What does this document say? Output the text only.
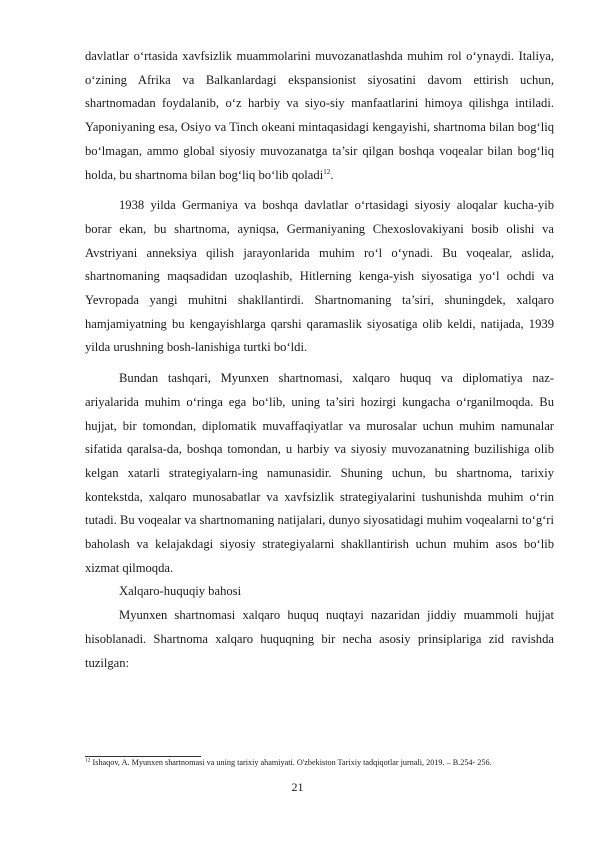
davlatlar o‘rtasida xavfsizlik muammolarini muvozanatlashda muhim rol o‘ynaydi. Italiya, o‘zining Afrika va Balkanlardagi ekspansionist siyosatini davom ettirish uchun, shartnomadan foydalanib, o‘z harbiy va siyo-siy manfaatlarini himoya qilishga intiladi. Yaponiyaning esa, Osiyo va Tinch okeani mintaqasidagi kengayishi, shartnoma bilan bog‘liq bo‘lmagan, ammo global siyosiy muvozanatga ta’sir qilgan boshqa voqealar bilan bog‘liq holda, bu shartnoma bilan bog‘liq bo‘lib qoladi$^{12}$.

1938 yilda Germaniya va boshqa davlatlar o‘rtasidagi siyosiy aloqalar kucha-yib borar ekan, bu shartnoma, ayniqsa, Germaniyaning Chexoslovakiyani bosib olishi va Avstriyani anneksiya qilish jarayonlarida muhim ro‘l o‘ynadi. Bu voqealar, aslida, shartnomaning maqsadidan uzoqlashib, Hitlerning kenga-yish siyosatiga yo‘l ochdi va Yevropada yangi muhitni shakllantirdi. Shartnomaning ta’siri, shuningdek, xalqaro hamjamiyatning bu kengayishlarga qarshi qaramaslik siyosatiga olib keldi, natijada, 1939 yilda urushning bosh-lanishiga turtki bo‘ldi.

Bundan tashqari, Myunxen shartnomasi, xalqaro huquq va diplomatiya naz-ariyalarida muhim o‘ringa ega bo‘lib, uning ta’siri hozirgi kungacha o‘rganilmoqda. Bu hujjat, bir tomondan, diplomatik muvaffaqiyatlar va murosalar uchun muhim namunalar sifatida qaralsa-da, boshqa tomondan, u harbiy va siyosiy muvozanatning buzilishiga olib kelgan xatarli strategiyalarn-ing namunasidir. Shuning uchun, bu shartnoma, tarixiy kontekstda, xalqaro munosabatlar va xavfsizlik strategiyalarini tushunishda muhim o‘rin tutadi. Bu voqealar va shartnomaning natijalari, dunyo siyosatidagi muhim voqealarni to‘g‘ri baholash va kelajakdagi siyosiy strategiyalarni shakllantirish uchun muhim asos bo‘lib xizmat qilmoqda.

Xalqaro-huquqiy bahosi

Myunxen shartnomasi xalqaro huquq nuqtayi nazaridan jiddiy muammoli hujjat hisoblanadi. Shartnoma xalqaro huquqning bir necha asosiy prinsiplariga zid ravishda tuzilgan:

$^{12}$ Ishaqov, A. Myunxen shartnomasi va uning tarixiy ahamiyati. O'zbekiston Tarixiy tadqiqotlar jurnali, 2019. – B.254- 256.
21
